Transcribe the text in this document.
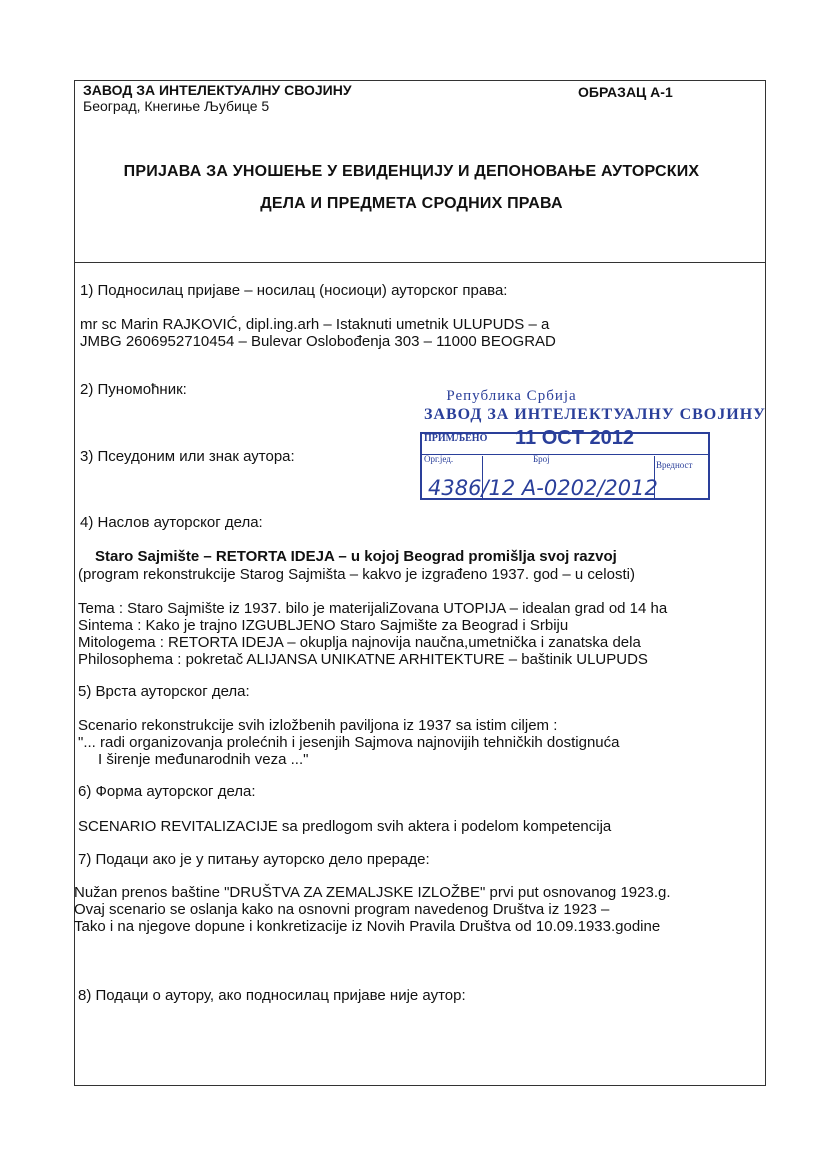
ЗАВОД ЗА ИНТЕЛЕКТУАЛНУ СВОЈИНУ
Београд, Кнегиње Љубице 5
ОБРАЗАЦ А-1
ПРИЈАВА ЗА УНОШЕЊЕ У ЕВИДЕНЦИЈУ И ДЕПОНОВАЊЕ АУТОРСКИХ
ДЕЛА И ПРЕДМЕТА СРОДНИХ ПРАВА
1) Подносилац пријаве – носилац (носиоци) ауторског права:
mr sc Marin RAJKOVIĆ, dipl.ing.arh – Istaknuti umetnik ULUPUDS – a
JMBG 2606952710454 – Bulevar Oslobođenja 303 – 11000 BEOGRAD
2) Пуномоћник:
3) Псеудоним или знак аутора:
Република Србија
ЗАВОД ЗА ИНТЕЛЕКТУАЛНУ СВОЈИНУ
ПРИМЉЕНО 11 OCT 2012
Орг.јед.	Број
Вредност
4386/12 А-0202/2012
4) Наслов ауторског дела:
Staro Sajmište – RETORTA IDEJA – u kojoj Beograd promišlja svoj razvoj
(program rekonstrukcije Starog Sajmišta – kakvo je izgrađeno 1937. god – u celosti)
Tema : Staro Sajmište iz 1937. bilo je materijaliZovana UTOPIJA – idealan grad od 14 ha
Sintema : Kako je trajno IZGUBLJENO Staro Sajmište za Beograd i Srbiju
Mitologema : RETORTA IDEJA – okuplja najnovija naučna,umetnička i zanatska dela
Philosophema : pokretač ALIJANSA UNIKATNE ARHITEKTURE – baštinik ULUPUDS
5) Врста ауторског дела:
Scenario rekonstrukcije svih izložbenih paviljona iz 1937 sa istim ciljem :
"... radi organizovanja prolećnih i jesenjih Sajmova najnovijih tehničkih dostignuća
I širenje međunarodnih veza ..."
6) Форма ауторског дела:
SCENARIO REVITALIZACIJE sa predlogom svih aktera i podelom kompetencija
7) Подаци ако је у питању ауторско дело прераде:
Nužan prenos baštine "DRUŠTVA ZA ZEMALJSKE IZLOŽBE" prvi put osnovanog 1923.g.
Ovaj scenario se oslanja kako na osnovni program navedenog Društva iz 1923 –
Tako i na njegove dopune i konkretizacije iz Novih Pravila Društva od 10.09.1933.godine
8) Подаци о аутору, ако подносилац пријаве није аутор:
